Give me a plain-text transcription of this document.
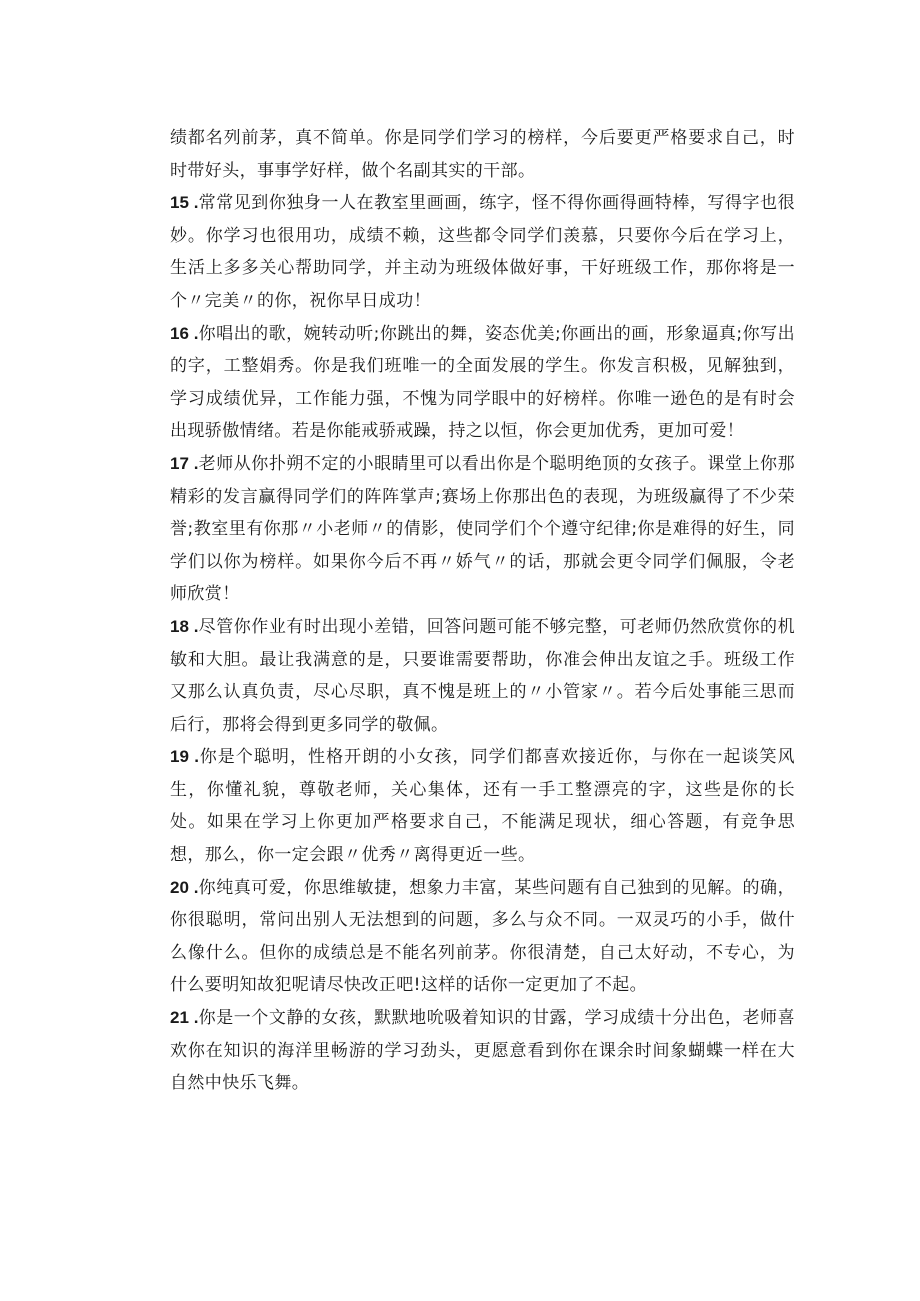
绩都名列前茅，真不简单。你是同学们学习的榜样，今后要更严格要求自己，时时带好头，事事学好样，做个名副其实的干部。

15 .常常见到你独身一人在教室里画画，练字，怪不得你画得画特棒，写得字也很妙。你学习也很用功，成绩不赖，这些都令同学们羡慕，只要你今后在学习上，生活上多多关心帮助同学，并主动为班级体做好事，干好班级工作，那你将是一个〃完美〃的你，祝你早日成功！

16 .你唱出的歌，婉转动听;你跳出的舞，姿态优美;你画出的画，形象逼真;你写出的字，工整娟秀。你是我们班唯一的全面发展的学生。你发言积极，见解独到，学习成绩优异，工作能力强，不愧为同学眼中的好榜样。你唯一逊色的是有时会出现骄傲情绪。若是你能戒骄戒躁，持之以恒，你会更加优秀，更加可爱！

17 .老师从你扑朔不定的小眼睛里可以看出你是个聪明绝顶的女孩子。课堂上你那精彩的发言赢得同学们的阵阵掌声;赛场上你那出色的表现，为班级赢得了不少荣誉;教室里有你那〃小老师〃的倩影，使同学们个个遵守纪律;你是难得的好生，同学们以你为榜样。如果你今后不再〃娇气〃的话，那就会更令同学们佩服，令老师欣赏！

18 .尽管你作业有时出现小差错，回答问题可能不够完整，可老师仍然欣赏你的机敏和大胆。最让我满意的是，只要谁需要帮助，你准会伸出友谊之手。班级工作又那么认真负责，尽心尽职，真不愧是班上的〃小管家〃。若今后处事能三思而后行，那将会得到更多同学的敬佩。

19 .你是个聪明，性格开朗的小女孩，同学们都喜欢接近你，与你在一起谈笑风生，你懂礼貌，尊敬老师，关心集体，还有一手工整漂亮的字，这些是你的长处。如果在学习上你更加严格要求自己，不能满足现状，细心答题，有竞争思想，那么，你一定会跟〃优秀〃离得更近一些。

20 .你纯真可爱，你思维敏捷，想象力丰富，某些问题有自己独到的见解。的确，你很聪明，常问出别人无法想到的问题，多么与众不同。一双灵巧的小手，做什么像什么。但你的成绩总是不能名列前茅。你很清楚，自己太好动，不专心，为什么要明知故犯呢请尽快改正吧!这样的话你一定更加了不起。

21 .你是一个文静的女孩，默默地吮吸着知识的甘露，学习成绩十分出色，老师喜欢你在知识的海洋里畅游的学习劲头，更愿意看到你在课余时间象蝴蝶一样在大自然中快乐飞舞。
